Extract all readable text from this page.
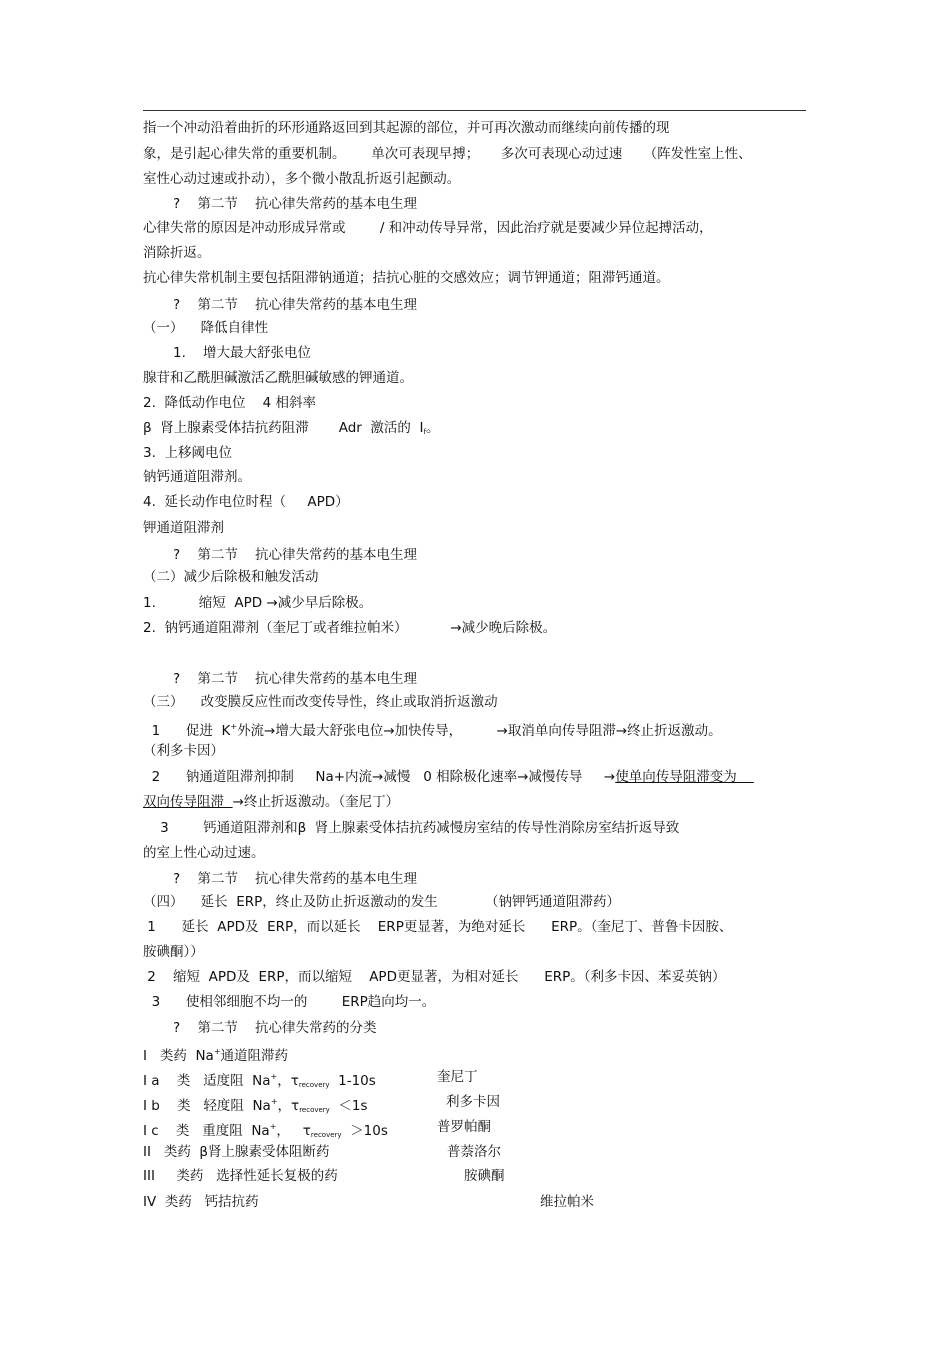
指一个冲动沿着曲折的环形通路返回到其起源的部位，并可再次激动而继续向前传播的现
象，是引起心律失常的重要机制。      单次可表现早搏；     多次可表现心动过速     （阵发性室上性、
室性心动过速或扑动），多个微小散乱折返引起颤动。
? 第二节    抗心律失常药的基本电生理
心律失常的原因是冲动形成异常或        / 和冲动传导异常，因此治疗就是要减少异位起搏活动，
消除折返。
抗心律失常机制主要包括阻滞钠通道；拮抗心脏的交感效应；调节钾通道；阻滞钙通道。
? 第二节    抗心律失常药的基本电生理
（一）    降低自律性
1.    增大最大舒张电位
腺苷和乙酰胆碱激活乙酰胆碱敏感的钾通道。
2.  降低动作电位    4 相斜率
β  肾上腺素受体拮抗药阻滞       Adr  激活的  $I_f$。
3.  上移阈电位
钠钙通道阻滞剂。
4.  延长动作电位时程（     APD）
钾通道阻滞剂
? 第二节    抗心律失常药的基本电生理
（二）减少后除极和触发活动
1.          缩短  APD →减少早后除极。
2.  钠钙通道阻滞剂（奎尼丁或者维拉帕米）          →减少晚后除极。
? 第二节    抗心律失常药的基本电生理
（三）    改变膜反应性而改变传导性，终止或取消折返激动
1      促进  K+外流→增大最大舒张电位→加快传导，        →取消单向传导阻滞→终止折返激动。
（利多卡因）
2      钠通道阻滞剂抑制     Na+内流→减慢   0 相除极化速率→减慢传导     →使单向传导阻滞变为
双向传导阻滞  →终止折返激动。（奎尼丁）
3        钙通道阻滞剂和β  肾上腺素受体拮抗药减慢房室结的传导性消除房室结折返导致
的室上性心动过速。
? 第二节    抗心律失常药的基本电生理
（四）    延长  ERP，终止及防止折返激动的发生           （钠钾钙通道阻滞药）
1      延长  APD及  ERP，而以延长    ERP更显著，为绝对延长      ERP。（奎尼丁、普鲁卡因胺、
胺碘酮））
2    缩短  APD及  ERP，而以缩短    APD更显著，为相对延长      ERP。（利多卡因、苯妥英钠）
3      使相邻细胞不均一的        ERP趋向均一。
? 第二节    抗心律失常药的分类
I   类药  Na+通道阻滞药
I a    类   适度阻  Na+，$\tau_{recovery}$  1-10s	奎尼丁
I b    类   轻度阻  Na+，$\tau_{recovery} <1s$	利多卡因
I c    类   重度阻  Na+，   $\tau_{recovery} >10s$	普罗帕酮
II   类药  β肾上腺素受体阻断药	普萘洛尔
III     类药   选择性延长复极的药	胺碘酮
IV  类药   钙拮抗药	维拉帕米
